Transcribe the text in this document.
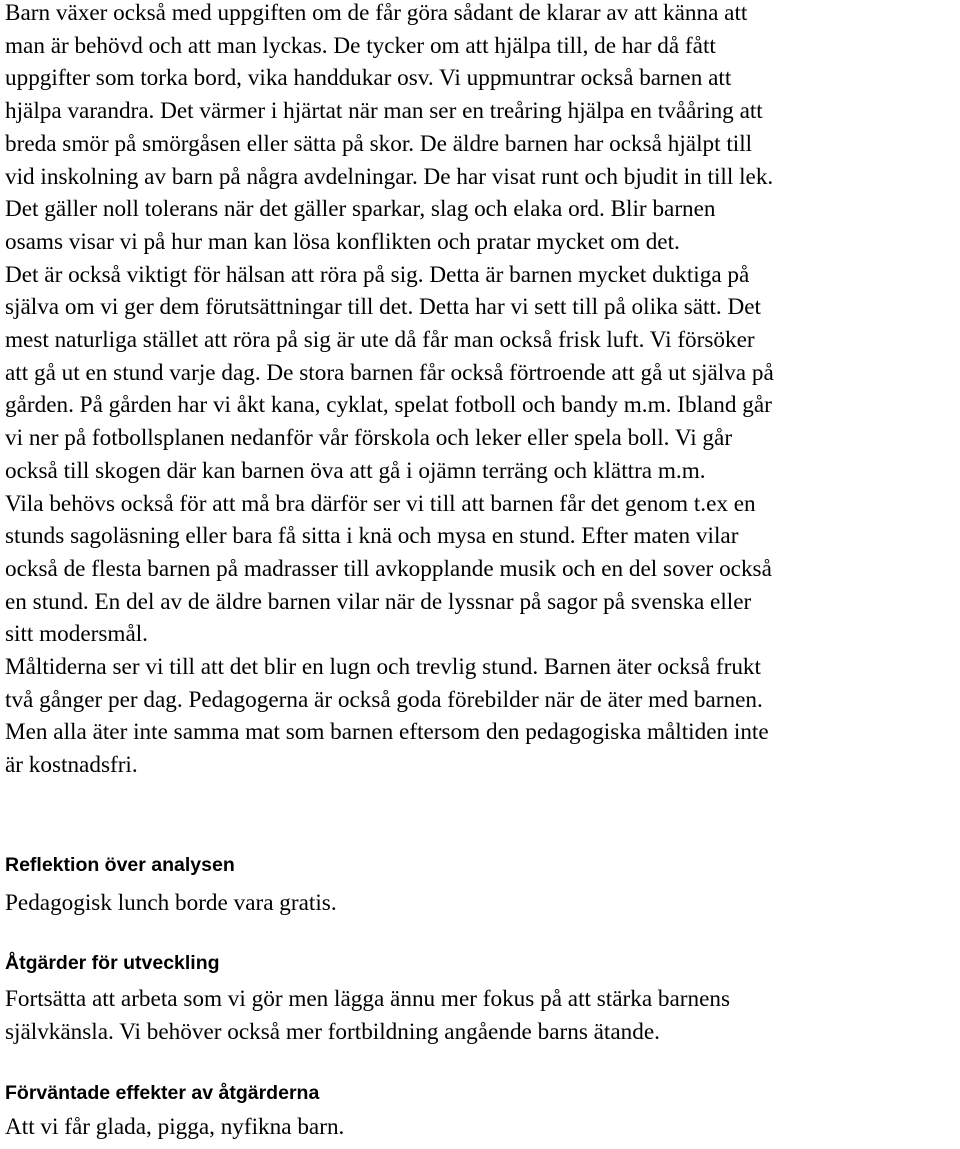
Barn växer också med uppgiften om de får göra sådant de klarar av att känna att
man är behövd och att man lyckas. De tycker om att hjälpa till, de har då fått
uppgifter som torka bord, vika handdukar osv. Vi uppmuntrar också barnen att
hjälpa varandra. Det värmer i hjärtat när man ser en treåring hjälpa en tvååring att
breda smör på smörgåsen eller sätta på skor. De äldre barnen har också hjälpt till
vid inskolning av barn på några avdelningar. De har visat runt och bjudit in till lek.
Det gäller noll tolerans när det gäller sparkar, slag och elaka ord. Blir barnen
osams visar vi på hur man kan lösa konflikten och pratar mycket om det.
Det är också viktigt för hälsan att röra på sig. Detta är barnen mycket duktiga på
själva om vi ger dem förutsättningar till det. Detta har vi sett till på olika sätt. Det
mest naturliga stället att röra på sig är ute då får man också frisk luft. Vi försöker
att gå ut en stund varje dag. De stora barnen får också förtroende att gå ut själva på
gården. På gården har vi åkt kana, cyklat, spelat fotboll och bandy m.m. Ibland går
vi ner på fotbollsplanen nedanför vår förskola och leker eller spela boll. Vi går
också till skogen där kan barnen öva att gå i ojämn terräng och klättra m.m.
Vila behövs också för att må bra därför ser vi till att barnen får det genom t.ex en
stunds sagoläsning eller bara få sitta i knä och mysa en stund. Efter maten vilar
också de flesta barnen på madrasser till avkopplande musik och en del sover också
en stund. En del av de äldre barnen vilar när de lyssnar på sagor på svenska eller
sitt modersmål.
Måltiderna ser vi till att det blir en lugn och trevlig stund. Barnen äter också frukt
två gånger per dag. Pedagogerna är också goda förebilder när de äter med barnen.
Men alla äter inte samma mat som barnen eftersom den pedagogiska måltiden inte
är kostnadsfri.

Reflektion över analysen

Pedagogisk lunch borde vara gratis.

Åtgärder för utveckling

Fortsätta att arbeta som vi gör men lägga ännu mer fokus på att stärka barnens
självkänsla. Vi behöver också mer fortbildning angående barns ätande.

Förväntade effekter av åtgärderna

Att vi får glada, pigga, nyfikna barn.
